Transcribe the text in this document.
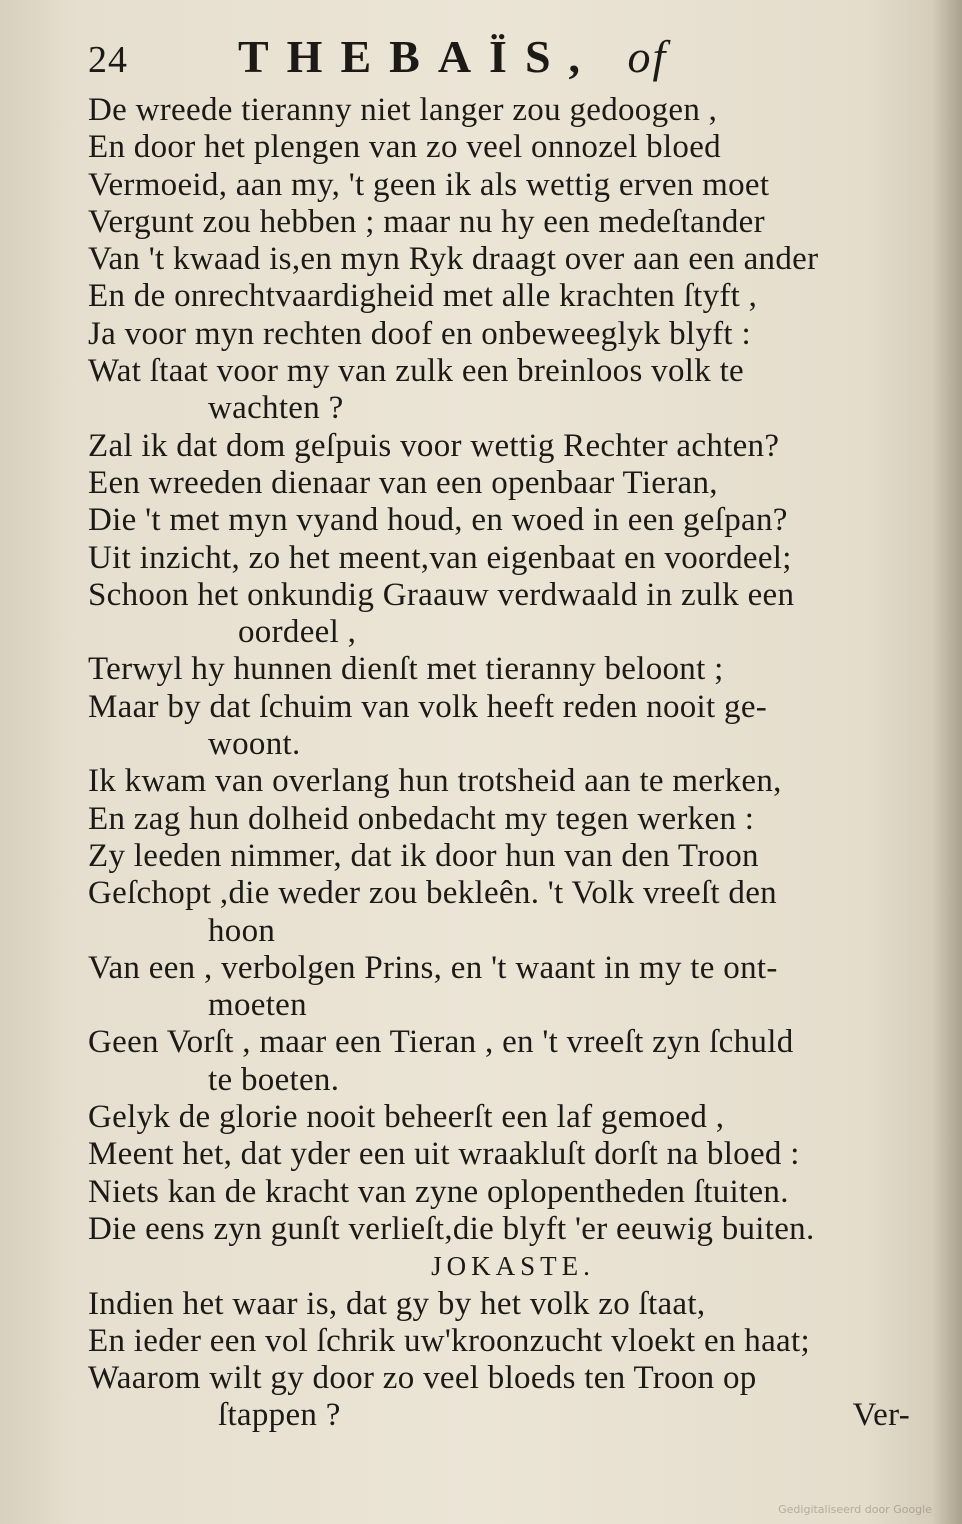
24	THEBAÏS, of
De wreede tieranny niet langer zou gedoogen ,
En door het plengen van zo veel onnozel bloed
Vermoeid, aan my, 't geen ik als wettig erven moet
Vergunt zou hebben ; maar nu hy een medeſtander
Van 't kwaad is,en myn Ryk draagt over aan een ander
En de onrechtvaardigheid met alle krachten ſtyft ,
Ja voor myn rechten doof en onbeweeglyk blyft :
Wat ſtaat voor my van zulk een breinloos volk te
wachten ?
Zal ik dat dom geſpuis voor wettig Rechter achten?
Een wreeden dienaar van een openbaar Tieran,
Die 't met myn vyand houd, en woed in een geſpan?
Uit inzicht, zo het meent,van eigenbaat en voordeel;
Schoon het onkundig Graauw verdwaald in zulk een
oordeel ,
Terwyl hy hunnen dienſt met tieranny beloont ;
Maar by dat ſchuim van volk heeft reden nooit ge-
woont.
Ik kwam van overlang hun trotsheid aan te merken,
En zag hun dolheid onbedacht my tegen werken :
Zy leeden nimmer, dat ik door hun van den Troon
Geſchopt ,die weder zou bekleên. 't Volk vreeſt den
hoon
Van een , verbolgen Prins, en 't waant in my te ont-
moeten
Geen Vorſt , maar een Tieran , en 't vreeſt zyn ſchuld
te boeten.
Gelyk de glorie nooit beheerſt een laf gemoed ,
Meent het, dat yder een uit wraakluſt dorſt na bloed :
Niets kan de kracht van zyne oplopentheden ſtuiten.
Die eens zyn gunſt verlieſt,die blyft 'er eeuwig buiten.
JOKASTE.
Indien het waar is, dat gy by het volk zo ſtaat,
En ieder een vol ſchrik uw'kroonzucht vloekt en haat;
Waarom wilt gy door zo veel bloeds ten Troon op
ſtappen ?	Ver-
Gedigitaliseerd door Google
